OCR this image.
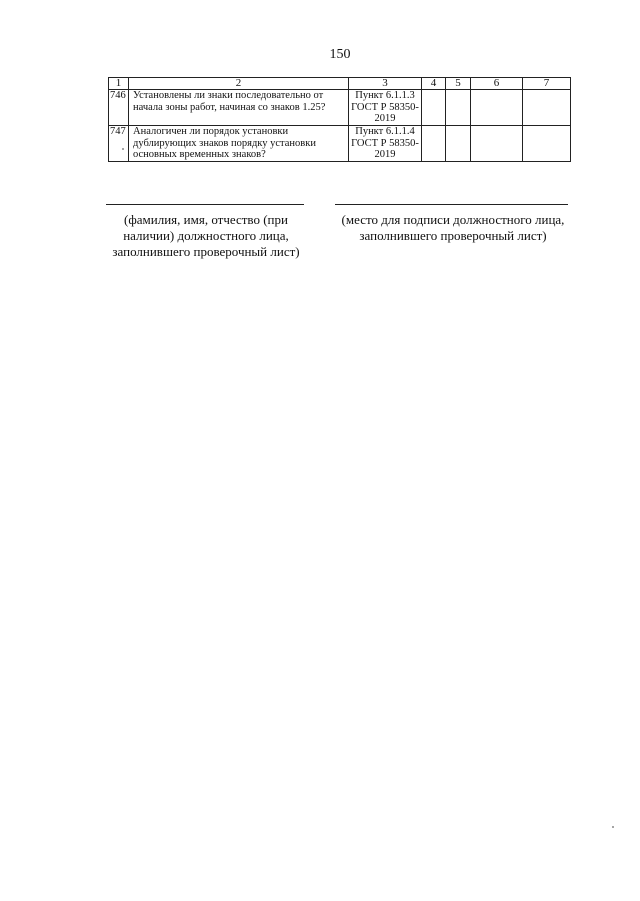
150
1	2	3	4	5	6	7
746	Установлены ли знаки последовательно от начала зоны работ, начиная со знаков 1.25?	Пункт 6.1.1.3 ГОСТ Р 58350-2019				
747	Аналогичен ли порядок установки дублирующих знаков порядку установки основных временных знаков?	Пункт 6.1.1.4 ГОСТ Р 58350-2019				
(фамилия, имя, отчество (при наличии) должностного лица, заполнившего проверочный лист)
(место для подписи должностного лица, заполнившего проверочный лист)
